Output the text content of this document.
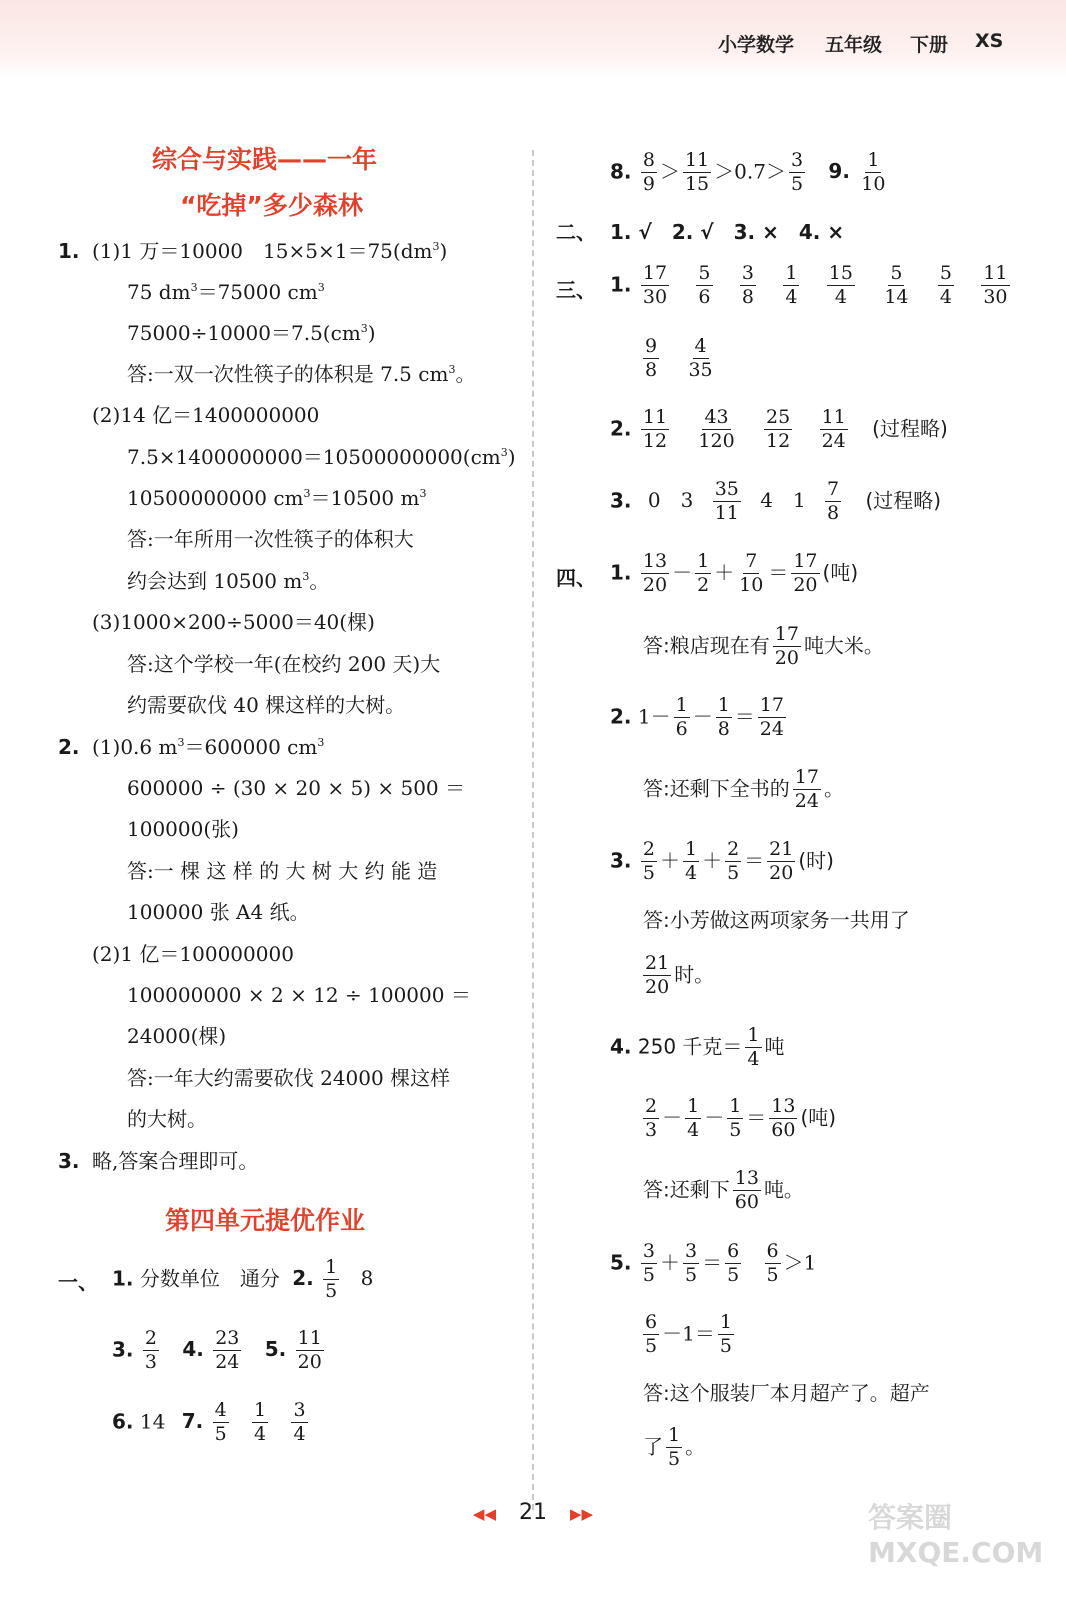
小学数学 五年级 下册 XS
综合与实践——一年
“吃掉”多少森林
1. (1)1 万＝10000　$15\times 5\times 1=75(dm^3)$
75 $dm^3=75000$ $cm^3$
$75000\div 10000=7.5(cm^3)$
答:一双一次性筷子的体积是 7.5 $cm^3$。
(2)14 亿＝1400000000
$7.5\times 1400000000=10500000000(cm^3)$
10500000000 $cm^3=10500$ $m^3$
答:一年所用一次性筷子的体积大
约会达到 10500 $m^3$。
(3)1000×200÷5000＝40(棵)
答:这个学校一年(在校约 200 天)大
约需要砍伐 40 棵这样的大树。
2. (1)0.6 $m^3=600000$ $cm^3$
600000 ÷ (30 × 20 × 5) × 500 ＝
100000(张)
答:一 棵 这 样 的 大 树 大 约 能 造
100000 张 A4 纸。
(2)1 亿＝100000000
100000000 × 2 × 12 ÷ 100000 ＝
24000(棵)
答:一年大约需要砍伐 24000 棵这样
的大树。
3. 略,答案合理即可。
第四单元提优作业
一、 1. 分数单位　通分 2. $\frac{1}{5} 8$
3. $\frac{2}{3} 4$. $\frac{23}{24} 5$. $\frac{11}{20}$
6. 14 7. $\frac{4}{5}$
$\frac{1}{4}$
$\frac{3}{4}$
8. $\frac{8}{9} > \frac{11}{15} >0.7> \frac{3}{5} 9$. $\frac{1}{10}$
二、 1. √　2. √　3. ×　4. ×
三、 1. $\frac{17}{30}$
$\frac{5}{6}$
$\frac{3}{8}$
$\frac{1}{4}$
$\frac{15}{4}$
$\frac{5}{14}$
$\frac{5}{4}$
$\frac{11}{30}$
$\frac{9}{8}$
$\frac{4}{35}$
2. $\frac{11}{12}$
$\frac{43}{120}$
$\frac{25}{12}$
$\frac{11}{24}$ (过程略)
3. 0　$3 \frac{35}{11} 4$　$1 \frac{7}{8}$ (过程略)
四、 1. $\frac{13}{20} - \frac{1}{2} + \frac{7}{10} = \frac{17}{20}$ (吨)
答:粮店现在有 $\frac{17}{20}$ 吨大米。
2. $1- \frac{1}{6} - \frac{1}{8} = \frac{17}{24}$
答:还剩下全书的 $\frac{17}{24}$ 。
3. $\frac{2}{5} + \frac{1}{4} + \frac{2}{5} = \frac{21}{20}$ (时)
答:小芳做这两项家务一共用了
$\frac{21}{20}$ 时。
4. 250 千克＝ $\frac{1}{4}$ 吨
$\frac{2}{3} - \frac{1}{4} - \frac{1}{5} = \frac{13}{60}$ (吨)
答:还剩下 $\frac{13}{60}$ 吨。
5. $\frac{3}{5} + \frac{3}{5} = \frac{6}{5}$
$\frac{6}{5} >1$
$\frac{6}{5} -1= \frac{1}{5}$
答:这个服装厂本月超产了。超产
了 $\frac{1}{5}$ 。
◀◀ 21 ▶▶	答案圈 MXQE.COM
